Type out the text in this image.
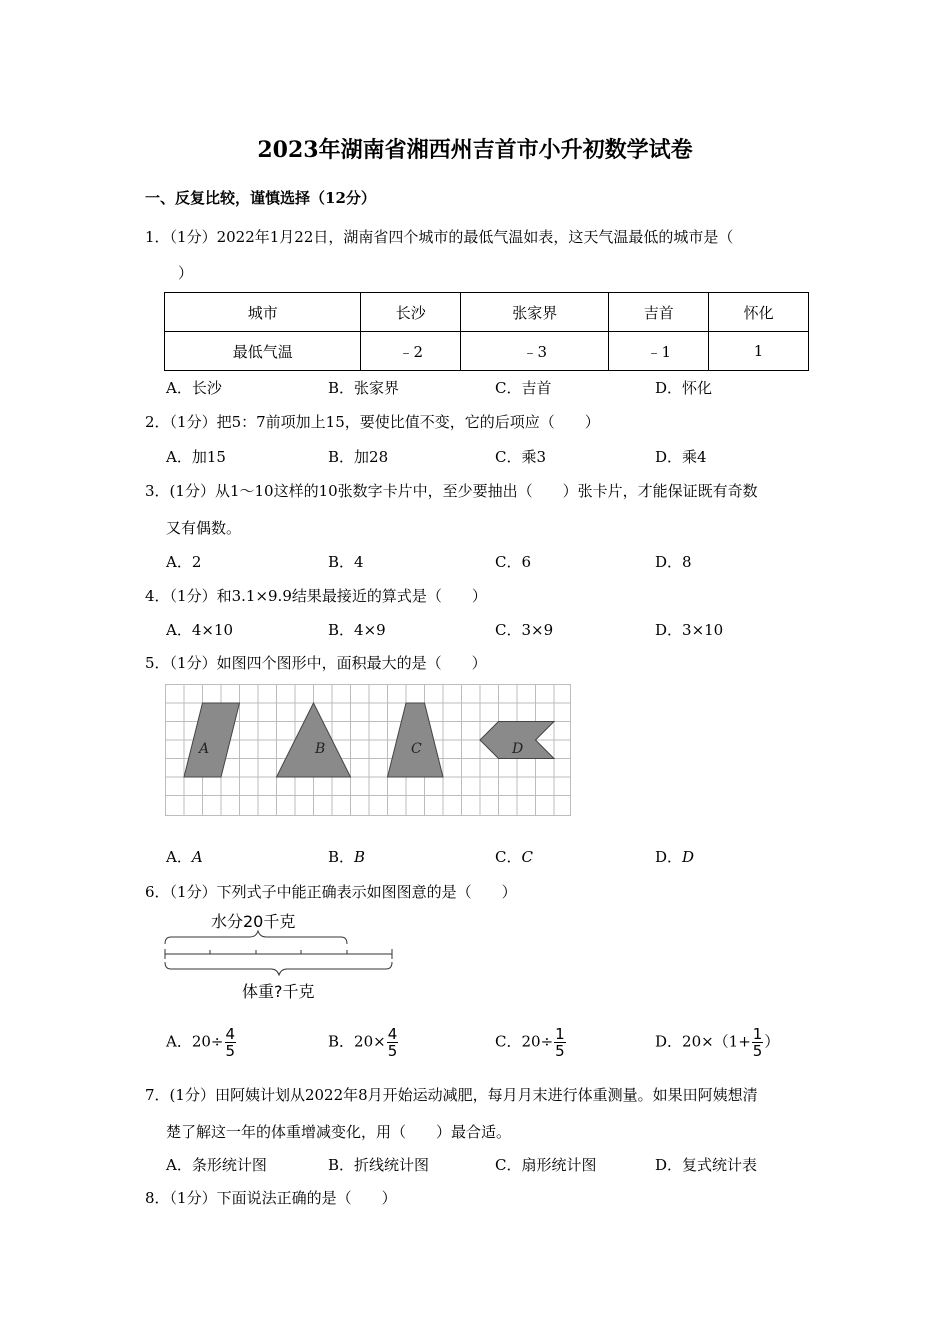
2023年湖南省湘西州吉首市小升初数学试卷
一、反复比较，谨慎选择（12分）
1．（1分）2022年1月22日，湖南省四个城市的最低气温如表，这天气温最低的城市是（
）
城市	长沙	张家界	吉首	怀化
最低气温	﹣2	﹣3	﹣1	1
A．长沙	B．张家界	C．吉首	D．怀化
2．（1分）把5：7前项加上15，要使比值不变，它的后项应（　　）
A．加15	B．加28	C．乘3	D．乘4
3．(1分）从1～10这样的10张数字卡片中，至少要抽出（　　）张卡片，才能保证既有奇数
又有偶数。
A．2	B．4	C．6	D．8
4．（1分）和3.1×9.9结果最接近的算式是（　　）
A．4×10	B．4×9	C．3×9	D．3×10
5．（1分）如图四个图形中，面积最大的是（　　）
A	B	C	D
A．A	B．B	C．C	D．D
6．（1分）下列式子中能正确表示如图图意的是（　　）
水分20千克
体重?千克
A．$20\div \frac{4}{5}$	B．$20\times \frac{4}{5}$	C．$20\div \frac{1}{5}$	D．$20\times(1+ \frac{1}{5}$ ）
7．(1分）田阿姨计划从2022年8月开始运动减肥，每月月末进行体重测量。如果田阿姨想清
楚了解这一年的体重增减变化，用（　　）最合适。
A．条形统计图	B．折线统计图	C．扇形统计图	D．复式统计表
8．（1分）下面说法正确的是（　　）
